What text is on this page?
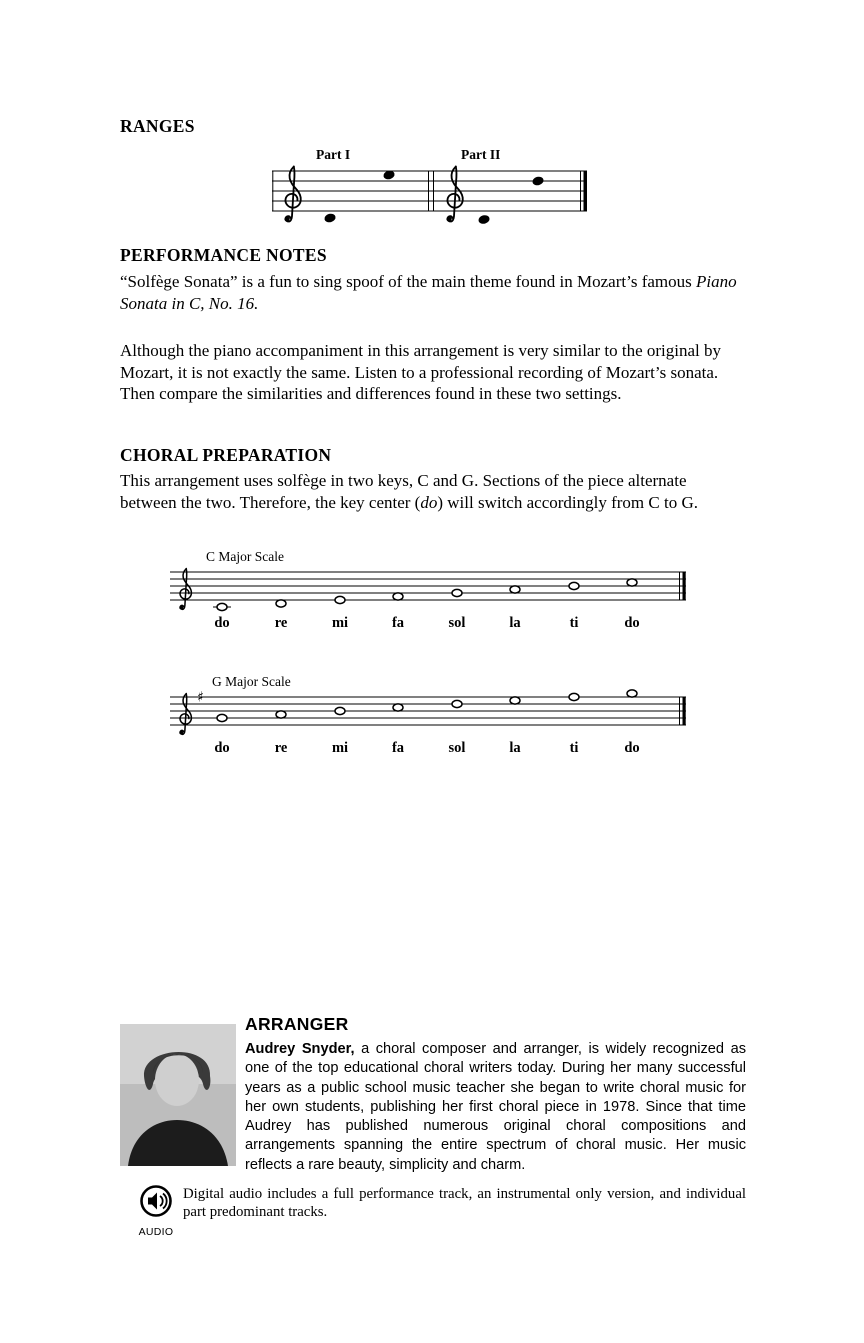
RANGES
Part I	Part II
PERFORMANCE NOTES

“Solfège Sonata” is a fun to sing spoof of the main theme found in Mozart’s famous Piano Sonata in C, No. 16.

Although the piano accompaniment in this arrangement is very similar to the original by Mozart, it is not exactly the same. Listen to a professional recording of Mozart’s sonata. Then compare the similarities and differences found in these two settings.

CHORAL PREPARATION

This arrangement uses solfège in two keys, C and G. Sections of the piece alternate between the two. Therefore, the key center (do) will switch accordingly from C to G.

C Major Scale
do	re	mi	fa	sol	la	ti	do
G Major Scale
♯
do	re	mi	fa	sol	la	ti	do
ARRANGER

Audrey Snyder, a choral composer and arranger, is widely recognized as one of the top educational choral writers today. During her many successful years as a public school music teacher she began to write choral music for her own students, publishing her first choral piece in 1978. Since that time Audrey has published numerous original choral compositions and arrangements spanning the entire spectrum of choral music. Her music reflects a rare beauty, simplicity and charm.

AUDIO

Digital audio includes a full performance track, an instrumental only version, and individual part predominant tracks.
